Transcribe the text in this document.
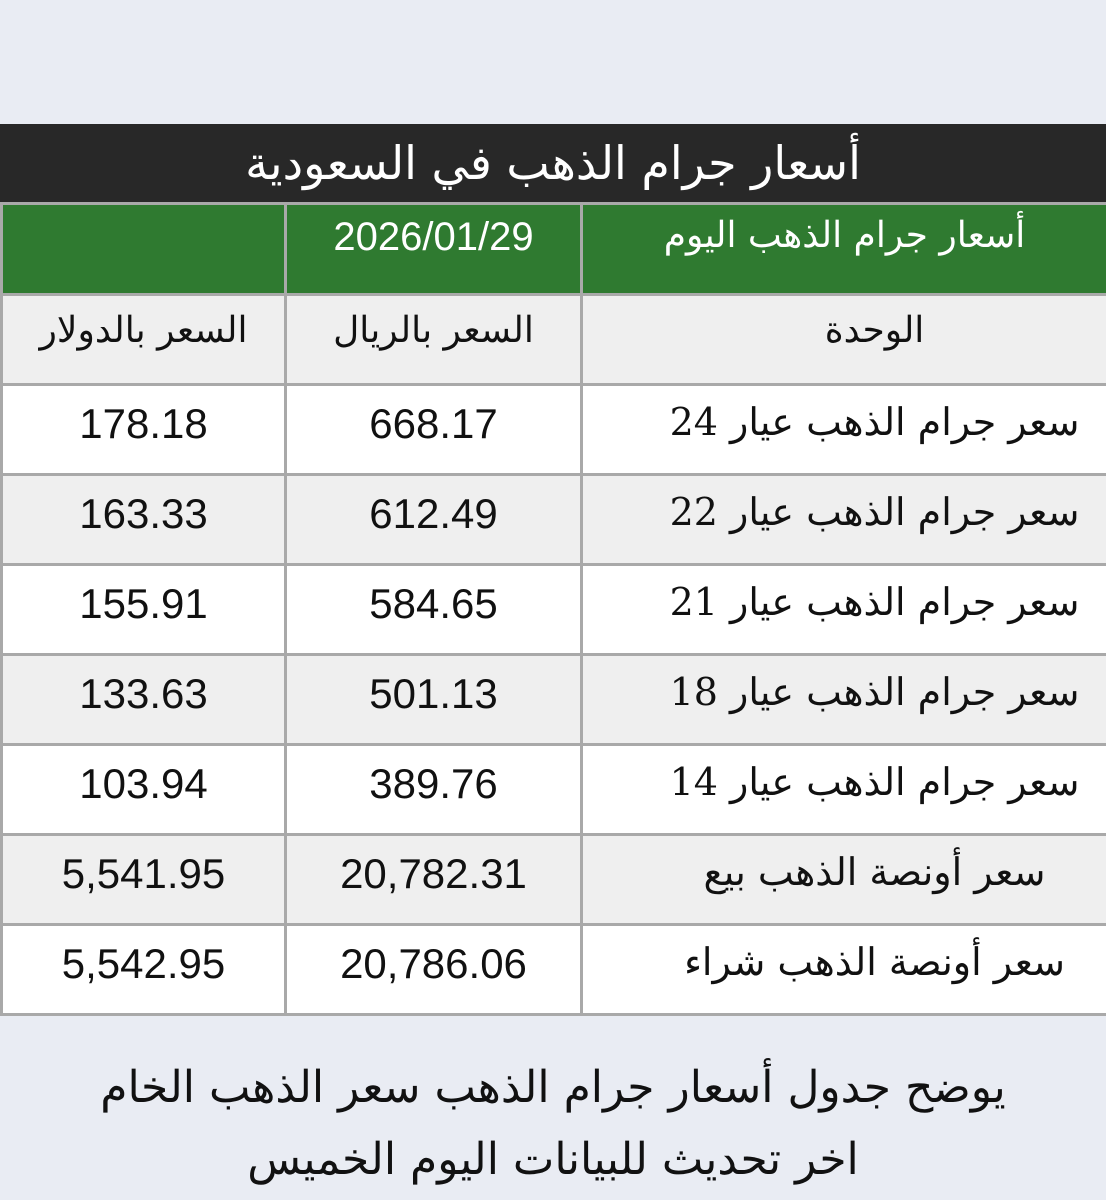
أسعار جرام الذهب في السعودية

	2026/01/29	أسعار جرام الذهب اليوم

السعر بالدولار	السعر بالريال	الوحدة

178.18	668.17	سعر جرام الذهب عيار 24

163.33	612.49	سعر جرام الذهب عيار 22

155.91	584.65	سعر جرام الذهب عيار 21

133.63	501.13	سعر جرام الذهب عيار 18

103.94	389.76	سعر جرام الذهب عيار 14

5,541.95	20,782.31	سعر أونصة الذهب بيع

5,542.95	20,786.06	سعر أونصة الذهب شراء
يوضح جدول أسعار جرام الذهب سعر الذهب الخام
اخر تحديث للبيانات اليوم الخميس
